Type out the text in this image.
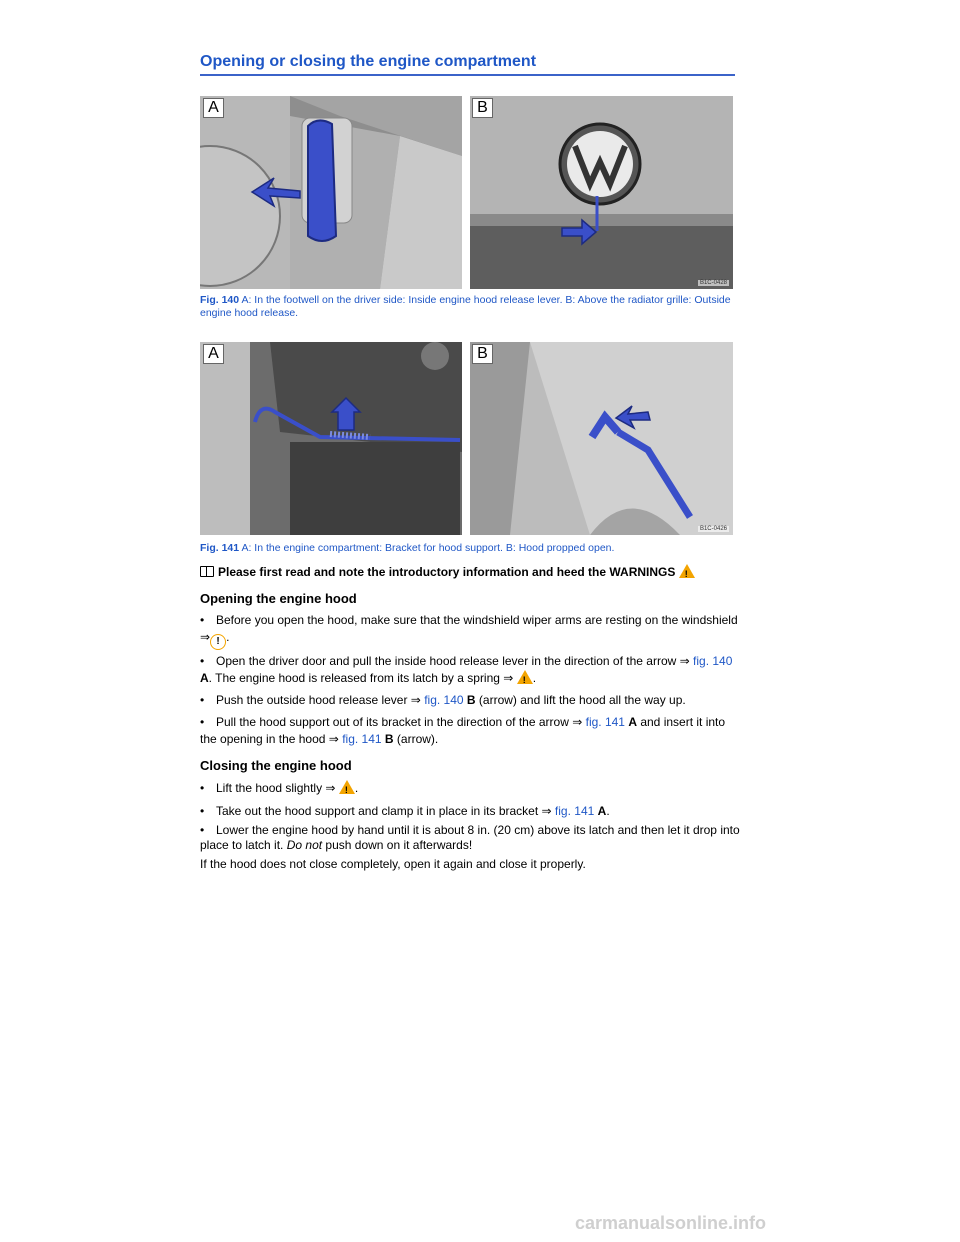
Opening or closing the engine compartment
A	B
B1C-0428
Fig. 140 A: In the footwell on the driver side: Inside engine hood release lever. B: Above the radiator grille: Outside engine hood release.
A	B
B1C-0426
Fig. 141 A: In the engine compartment: Bracket for hood support. B: Hood propped open.
Please first read and note the introductory information and heed the WARNINGS !
Opening the engine hood
• Before you open the hood, make sure that the windshield wiper arms are resting on the windshield
⇒ ! .
• Open the driver door and pull the inside hood release lever in the direction of the arrow ⇒ fig. 140
A. The engine hood is released from its latch by a spring ⇒ ! .
• Push the outside hood release lever ⇒ fig. 140 B (arrow) and lift the hood all the way up.
• Pull the hood support out of its bracket in the direction of the arrow ⇒ fig. 141 A and insert it into
the opening in the hood ⇒ fig. 141 B (arrow).
Closing the engine hood
• Lift the hood slightly ⇒ ! .
• Take out the hood support and clamp it in place in its bracket ⇒ fig. 141 A.
• Lower the engine hood by hand until it is about 8 in. (20 cm) above its latch and then let it drop into
place to latch it. Do not push down on it afterwards!
If the hood does not close completely, open it again and close it properly.
carmanualsonline.info
